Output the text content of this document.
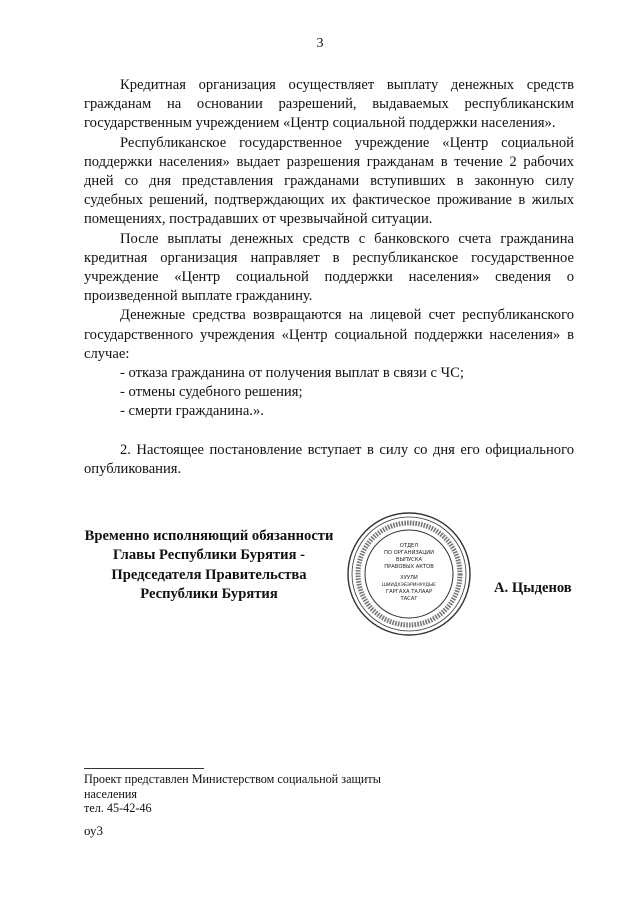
3

Кредитная организация осуществляет выплату денежных средств гражданам на основании разрешений, выдаваемых республиканским государственным учреждением «Центр социальной поддержки населения».

Республиканское государственное учреждение «Центр социальной поддержки населения» выдает разрешения гражданам в течение 2 рабочих дней со дня представления гражданами вступивших в законную силу судебных решений, подтверждающих их фактическое проживание в жилых помещениях, пострадавших от чрезвычайной ситуации.

После выплаты денежных средств с банковского счета гражданина кредитная организация направляет в республиканское государственное учреждение «Центр социальной поддержки населения» сведения о произведенной выплате гражданину.

Денежные средства возвращаются на лицевой счет республиканского государственного учреждения «Центр социальной поддержки населения» в случае:

- отказа гражданина от получения выплат в связи с ЧС;

- отмены судебного решения;

- смерти гражданина.».

2. Настоящее постановление вступает в силу со дня его официального опубликования.

Временно исполняющий обязанности
Главы Республики Бурятия -
Председателя Правительства
Республики Бурятия
ОТДЕЛ
ПО ОРГАНИЗАЦИИ
ВЫПУСКА
ПРАВОВЫХ АКТОВ
ХУУЛИ
ШИИДХЭБЭРИНУУДЫЕ
ГАРГАХА ТАЛААР
ТАСАГ
А. Цыденов
Проект представлен Министерством социальной защиты
населения
тел. 45-42-46
оу3
